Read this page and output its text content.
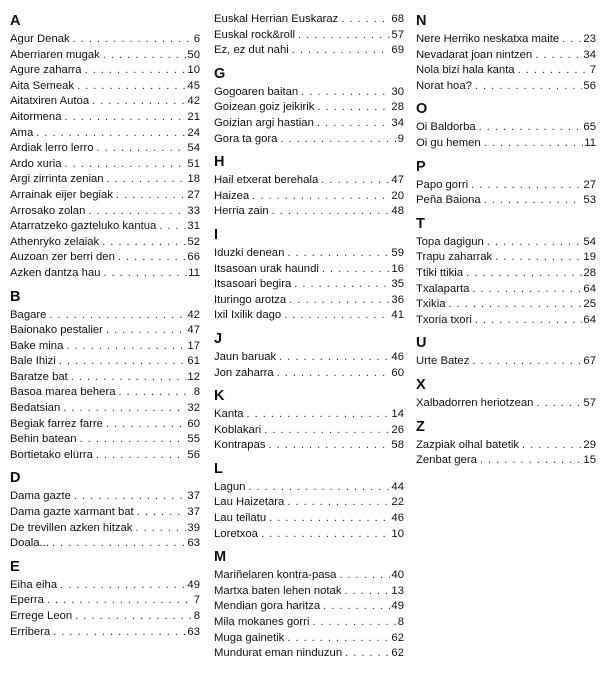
A
Agur Denak . . .	6
Aberriaren mugak . . .	50
Agure zaharra . . .	10
Aita Semeak . . .	45
Aitatxiren Autoa . . .	42
Aitormena . . .	21
Ama . . .	24
Ardiak lerro lerro . . .	54
Ardo xuria . . .	51
Argi zirrinta zenian . . .	18
Arrainak eijer begiak . . .	27
Arrosako zolan . . .	33
Atarratzeko gazteluko kantua . . .	31
Athenryko zelaiak . . .	52
Auzoan zer berri den . . .	66
Azken dantza hau . . .	11
B
Bagare . . .	42
Baionako pestalier . . .	47
Bake mina . . .	17
Bale Ihizi . . .	61
Baratze bat . . .	12
Basoa marea behera . . .	8
Bedatsian . . .	32
Begiak farrez farre . . .	60
Behin batean . . .	55
Bortietako elürra . . .	56
D
Dama gazte . . .	37
Dama gazte xarmant bat . . .	37
De trevillen azken hitzak . . .	39
Doala... . . .	63
E
Eiha eiha . . .	49
Eperra . . .	7
Errege Leon . . .	8
Erribera . . .	63
Euskal Herrian Euskaraz . . .	68
Euskal rock&roll . . .	57
Ez, ez dut nahi . . .	69
G
Gogoaren baitan . . .	30
Goizean goiz jeikirik . . .	28
Goizian argi hastian . . .	34
Gora ta gora . . .	9
H
Hail etxerat berehala . . .	47
Haizea . . .	20
Herria zain . . .	48
I
Iduzki denean . . .	59
Itsasoan urak haundi . . .	16
Itsasoari begira . . .	35
Ituringo arotza . . .	36
Ixil Ixilik dago . . .	41
J
Jaun baruak . . .	46
Jon zaharra . . .	60
K
Kanta . . .	14
Koblakari . . .	26
Kontrapas . . .	58
L
Lagun . . .	44
Lau Haizetara . . .	22
Lau teilatu . . .	46
Loretxoa . . .	10
M
Mariñelaren kontra-pasa . . .	40
Martxa baten lehen notak . . .	13
Mendian gora haritza . . .	49
Mila mokanes gorri . . .	8
Muga gainetik . . .	62
Mundurat eman ninduzun . . .	62
N
Nere Herriko neskatxa maite . . . 23
Nevadarat joan nintzen . . .	34
Nola bizi hala kanta . . .	7
Norat hoa? . . .	56
O
Oi Baldorba . . .	65
Oi gu hemen . . .	11
P
Papo gorri . . .	27
Peña Baiona . . .	53
T
Topa dagigun . . .	54
Trapu zaharrak . . .	19
Ttiki ttikia . . .	28
Txalaparta . . .	64
Txikia . . .	25
Txoria txori . . .	64
U
Urte Batez . . .	67
X
Xalbadorren heriotzean . . .	57
Z
Zazpiak oihal batetik . . .	29
Zenbat gera . . .	15
